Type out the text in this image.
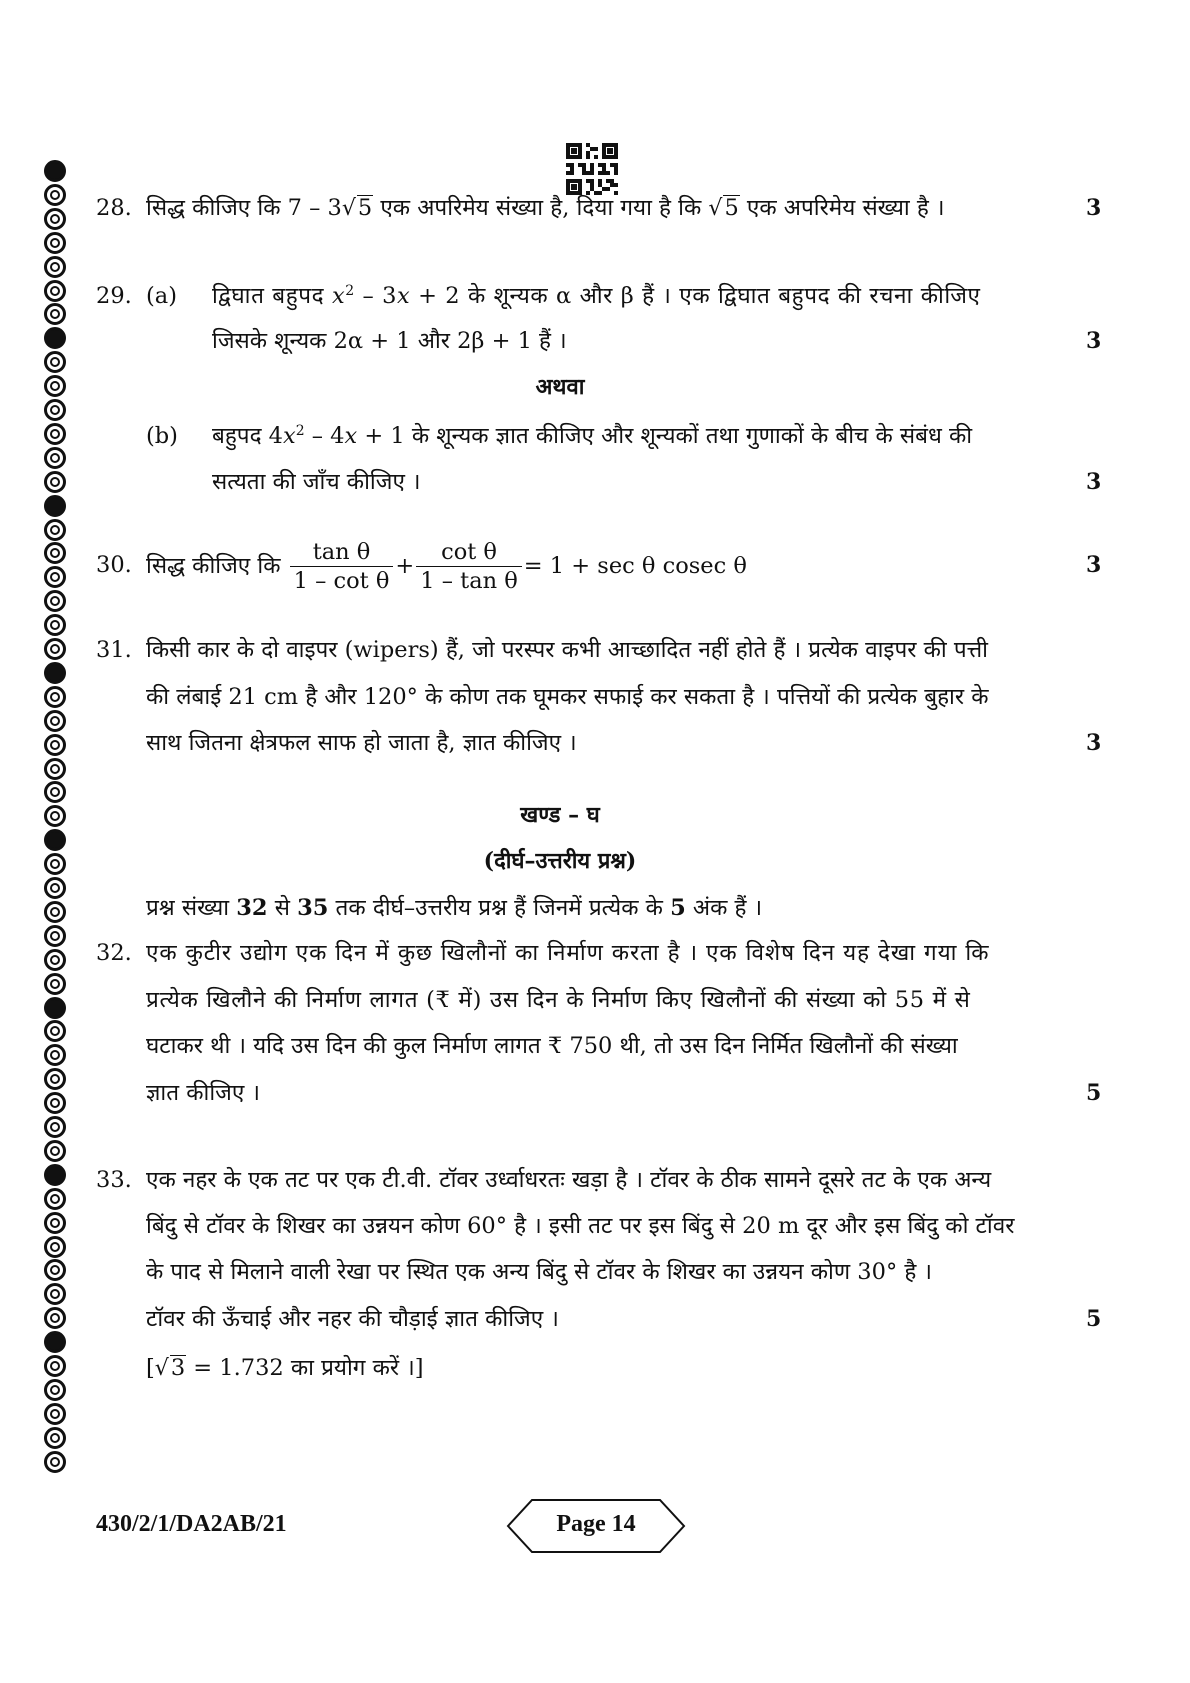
28. सिद्ध कीजिए कि 7 – 3√5 एक अपरिमेय संख्या है, दिया गया है कि √5 एक अपरिमेय संख्या है ।	3
29. (a) द्विघात बहुपद $x^2 - 3x + 2$ के शून्यक α और β हैं । एक द्विघात बहुपद की रचना कीजिए
जिसके शून्यक 2α + 1 और 2β + 1 हैं ।	3
अथवा
(b) बहुपद $4x^2 - 4x + 1$ के शून्यक ज्ञात कीजिए और शून्यकों तथा गुणाकों के बीच के संबंध की
सत्यता की जाँच कीजिए ।	3
30. सिद्ध कीजिए कि $\frac{\text{tan θ}}{\text{1 – cot θ}} + \frac{\text{cot θ}}{\text{1 – tan θ}} = 1 + \sec \theta$ cosec θ	3
31. किसी कार के दो वाइपर (wipers) हैं, जो परस्पर कभी आच्छादित नहीं होते हैं । प्रत्येक वाइपर की पत्ती
की लंबाई 21 cm है और 120° के कोण तक घूमकर सफाई कर सकता है । पत्तियों की प्रत्येक बुहार के
साथ जितना क्षेत्रफल साफ हो जाता है, ज्ञात कीजिए ।	3
खण्ड – घ
(दीर्घ–उत्तरीय प्रश्न)
प्रश्न संख्या 32 से 35 तक दीर्घ–उत्तरीय प्रश्न हैं जिनमें प्रत्येक के 5 अंक हैं ।
32. एक कुटीर उद्योग एक दिन में कुछ खिलौनों का निर्माण करता है । एक विशेष दिन यह देखा गया कि
प्रत्येक खिलौने की निर्माण लागत (₹ में) उस दिन के निर्माण किए खिलौनों की संख्या को 55 में से
घटाकर थी । यदि उस दिन की कुल निर्माण लागत ₹ 750 थी, तो उस दिन निर्मित खिलौनों की संख्या
ज्ञात कीजिए ।	5
33. एक नहर के एक तट पर एक टी.वी. टॉवर उर्ध्वाधरतः खड़ा है । टॉवर के ठीक सामने दूसरे तट के एक अन्य
बिंदु से टॉवर के शिखर का उन्नयन कोण 60° है । इसी तट पर इस बिंदु से 20 m दूर और इस बिंदु को टॉवर
के पाद से मिलाने वाली रेखा पर स्थित एक अन्य बिंदु से टॉवर के शिखर का उन्नयन कोण 30° है ।
टॉवर की ऊँचाई और नहर की चौड़ाई ज्ञात कीजिए ।	5
[√3 = 1.732 का प्रयोग करें ।]
430/2/1/DA2AB/21	Page 14
